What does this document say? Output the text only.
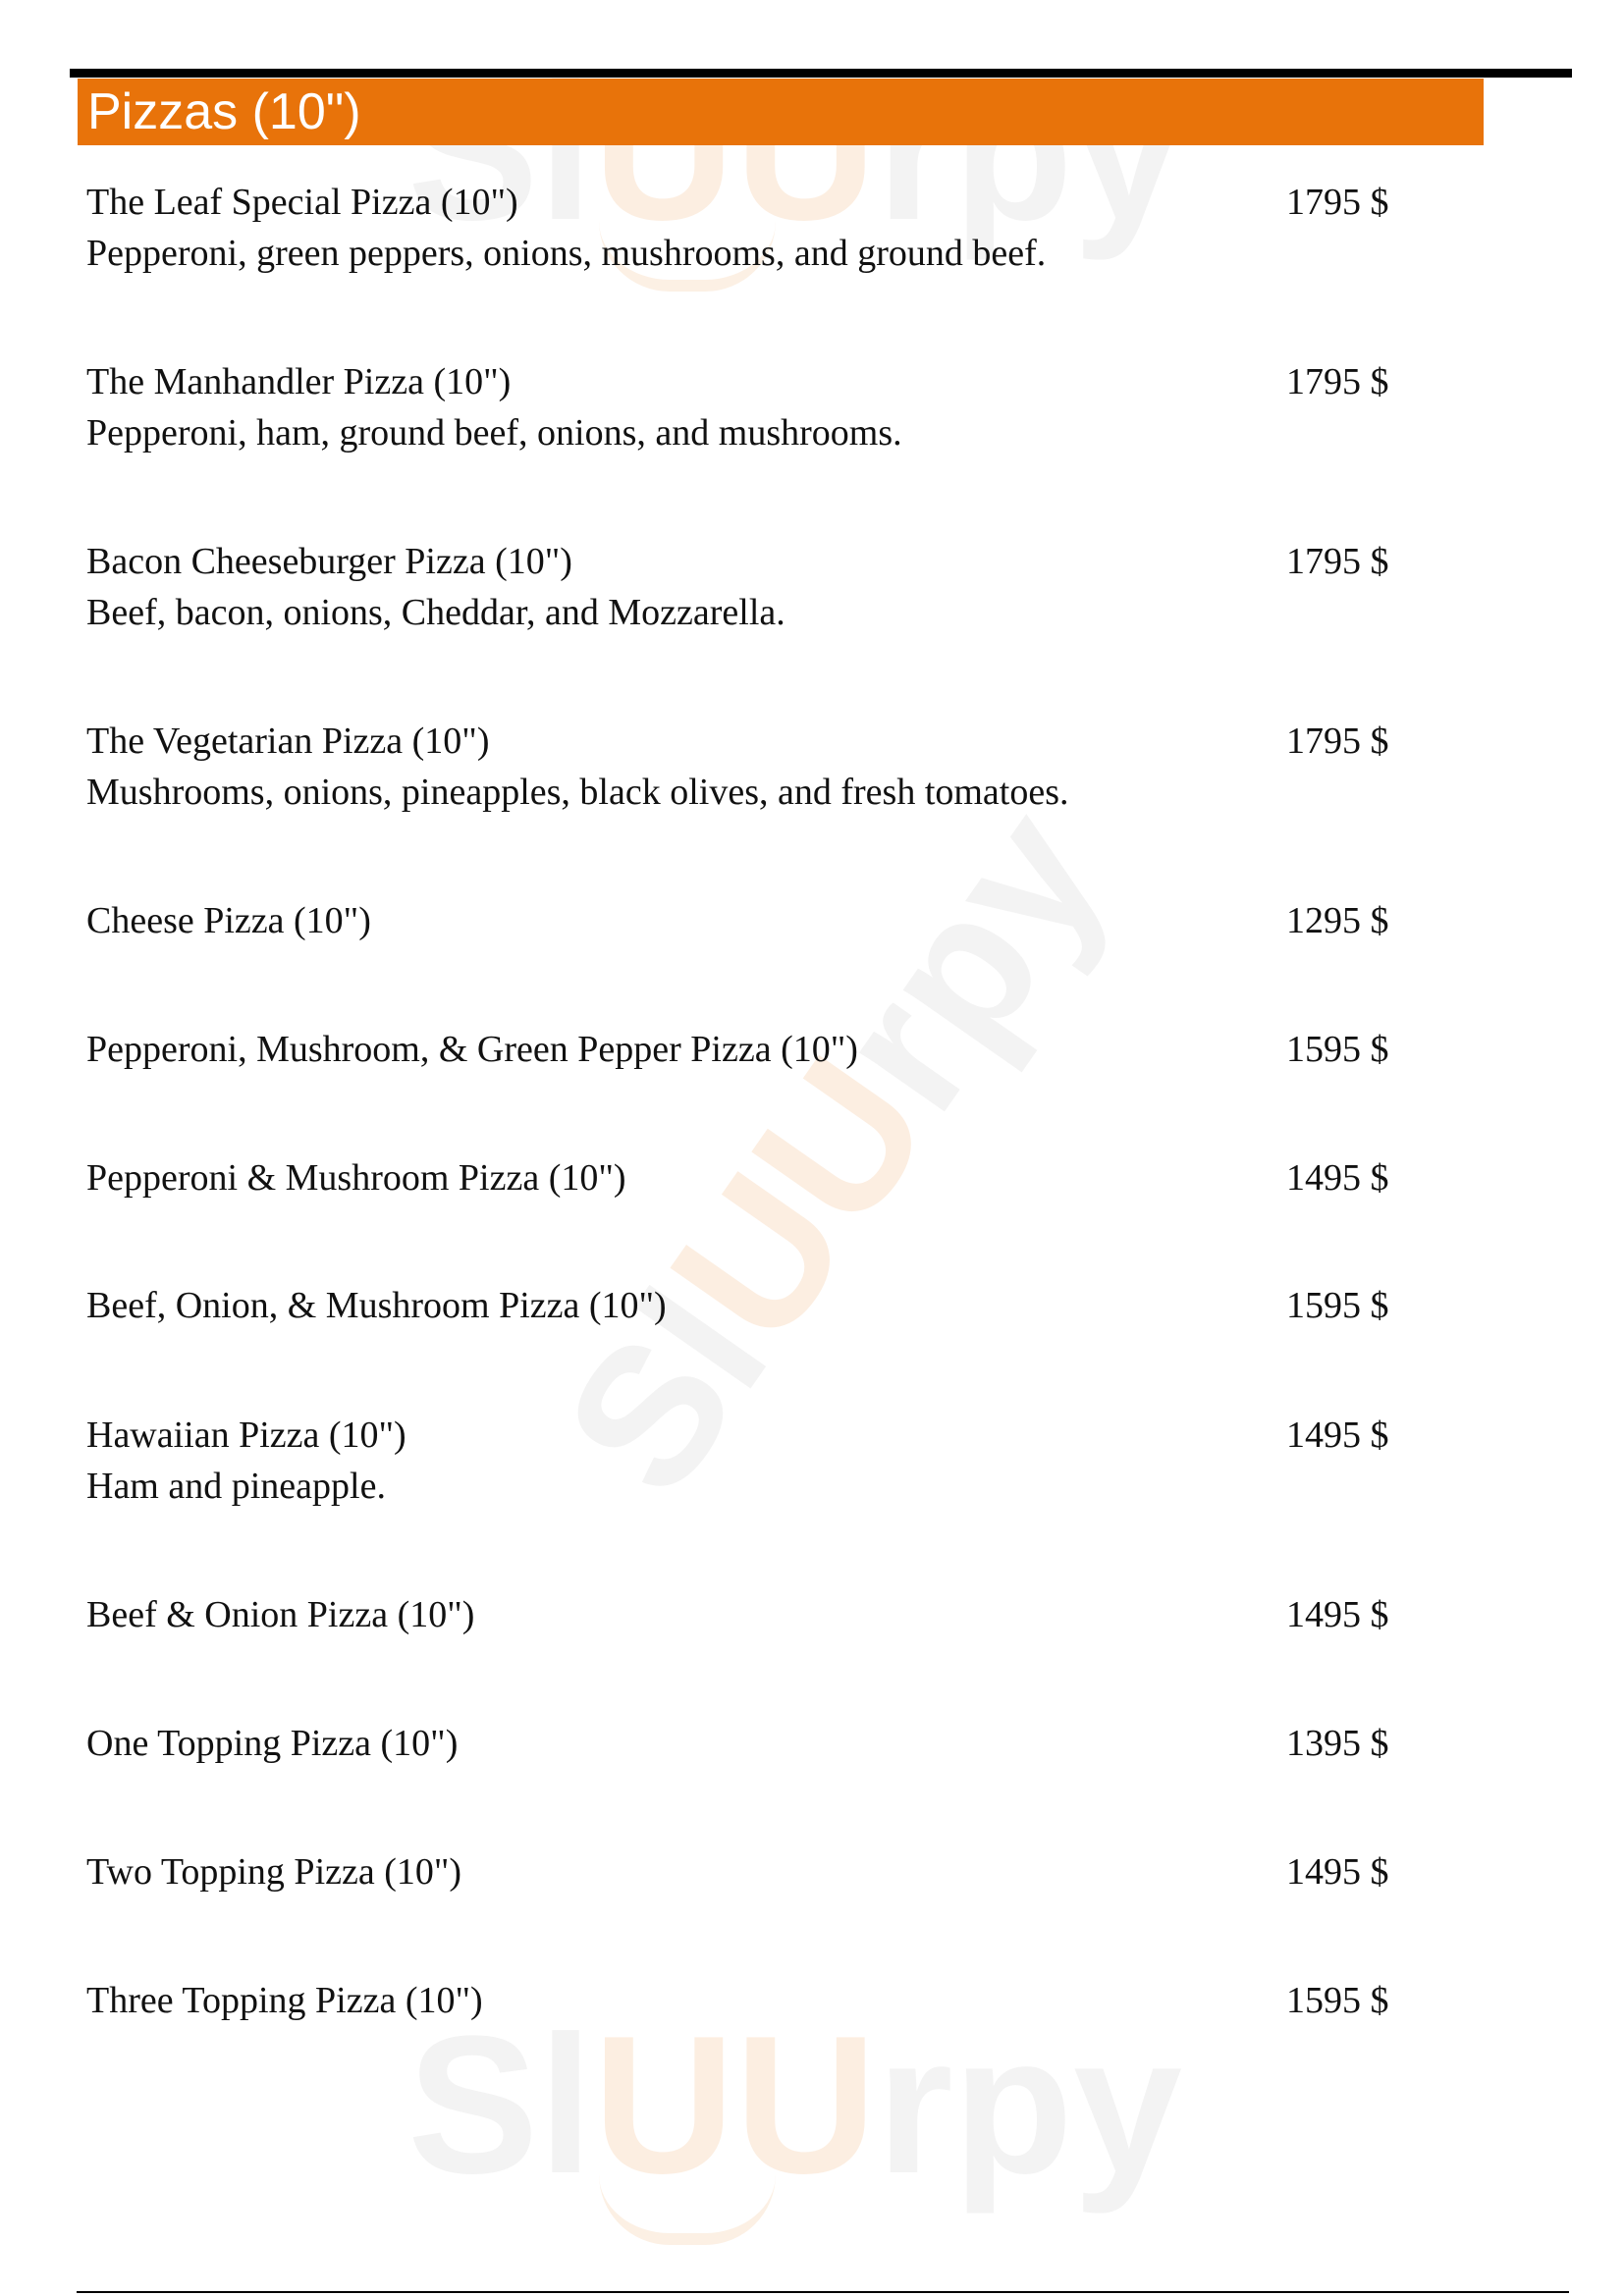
SlUUrpy
SlUUrpy
SlUUrpy
Pizzas (10")
The Leaf Special Pizza (10")
Pepperoni, green peppers, onions, mushrooms, and ground beef.
1795 $
The Manhandler Pizza (10")
Pepperoni, ham, ground beef, onions, and mushrooms.
1795 $
Bacon Cheeseburger Pizza (10")
Beef, bacon, onions, Cheddar, and Mozzarella.
1795 $
The Vegetarian Pizza (10")
Mushrooms, onions, pineapples, black olives, and fresh tomatoes.
1795 $
Cheese Pizza (10")	1295 $
Pepperoni, Mushroom, & Green Pepper Pizza (10")	1595 $
Pepperoni & Mushroom Pizza (10")	1495 $
Beef, Onion, & Mushroom Pizza (10")	1595 $
Hawaiian Pizza (10")
Ham and pineapple.
1495 $
Beef & Onion Pizza (10")	1495 $
One Topping Pizza (10")	1395 $
Two Topping Pizza (10")	1495 $
Three Topping Pizza (10")	1595 $
